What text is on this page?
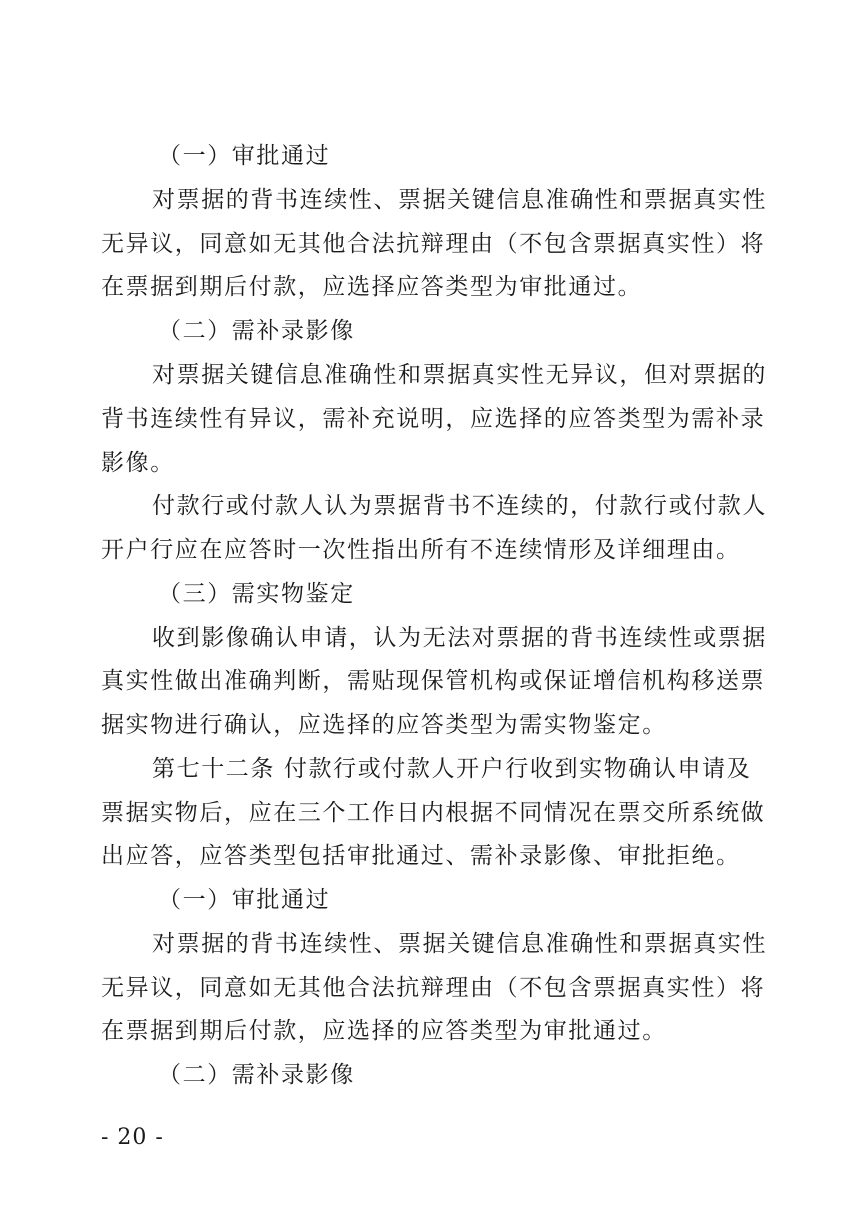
（一）审批通过
对票据的背书连续性、票据关键信息准确性和票据真实性
无异议，同意如无其他合法抗辩理由（不包含票据真实性）将
在票据到期后付款，应选择应答类型为审批通过。
（二）需补录影像
对票据关键信息准确性和票据真实性无异议，但对票据的
背书连续性有异议，需补充说明，应选择的应答类型为需补录
影像。
付款行或付款人认为票据背书不连续的，付款行或付款人
开户行应在应答时一次性指出所有不连续情形及详细理由。
（三）需实物鉴定
收到影像确认申请，认为无法对票据的背书连续性或票据
真实性做出准确判断，需贴现保管机构或保证增信机构移送票
据实物进行确认，应选择的应答类型为需实物鉴定。
第七十二条 付款行或付款人开户行收到实物确认申请及
票据实物后，应在三个工作日内根据不同情况在票交所系统做
出应答，应答类型包括审批通过、需补录影像、审批拒绝。
（一）审批通过
对票据的背书连续性、票据关键信息准确性和票据真实性
无异议，同意如无其他合法抗辩理由（不包含票据真实性）将
在票据到期后付款，应选择的应答类型为审批通过。
（二）需补录影像
- 20 -
